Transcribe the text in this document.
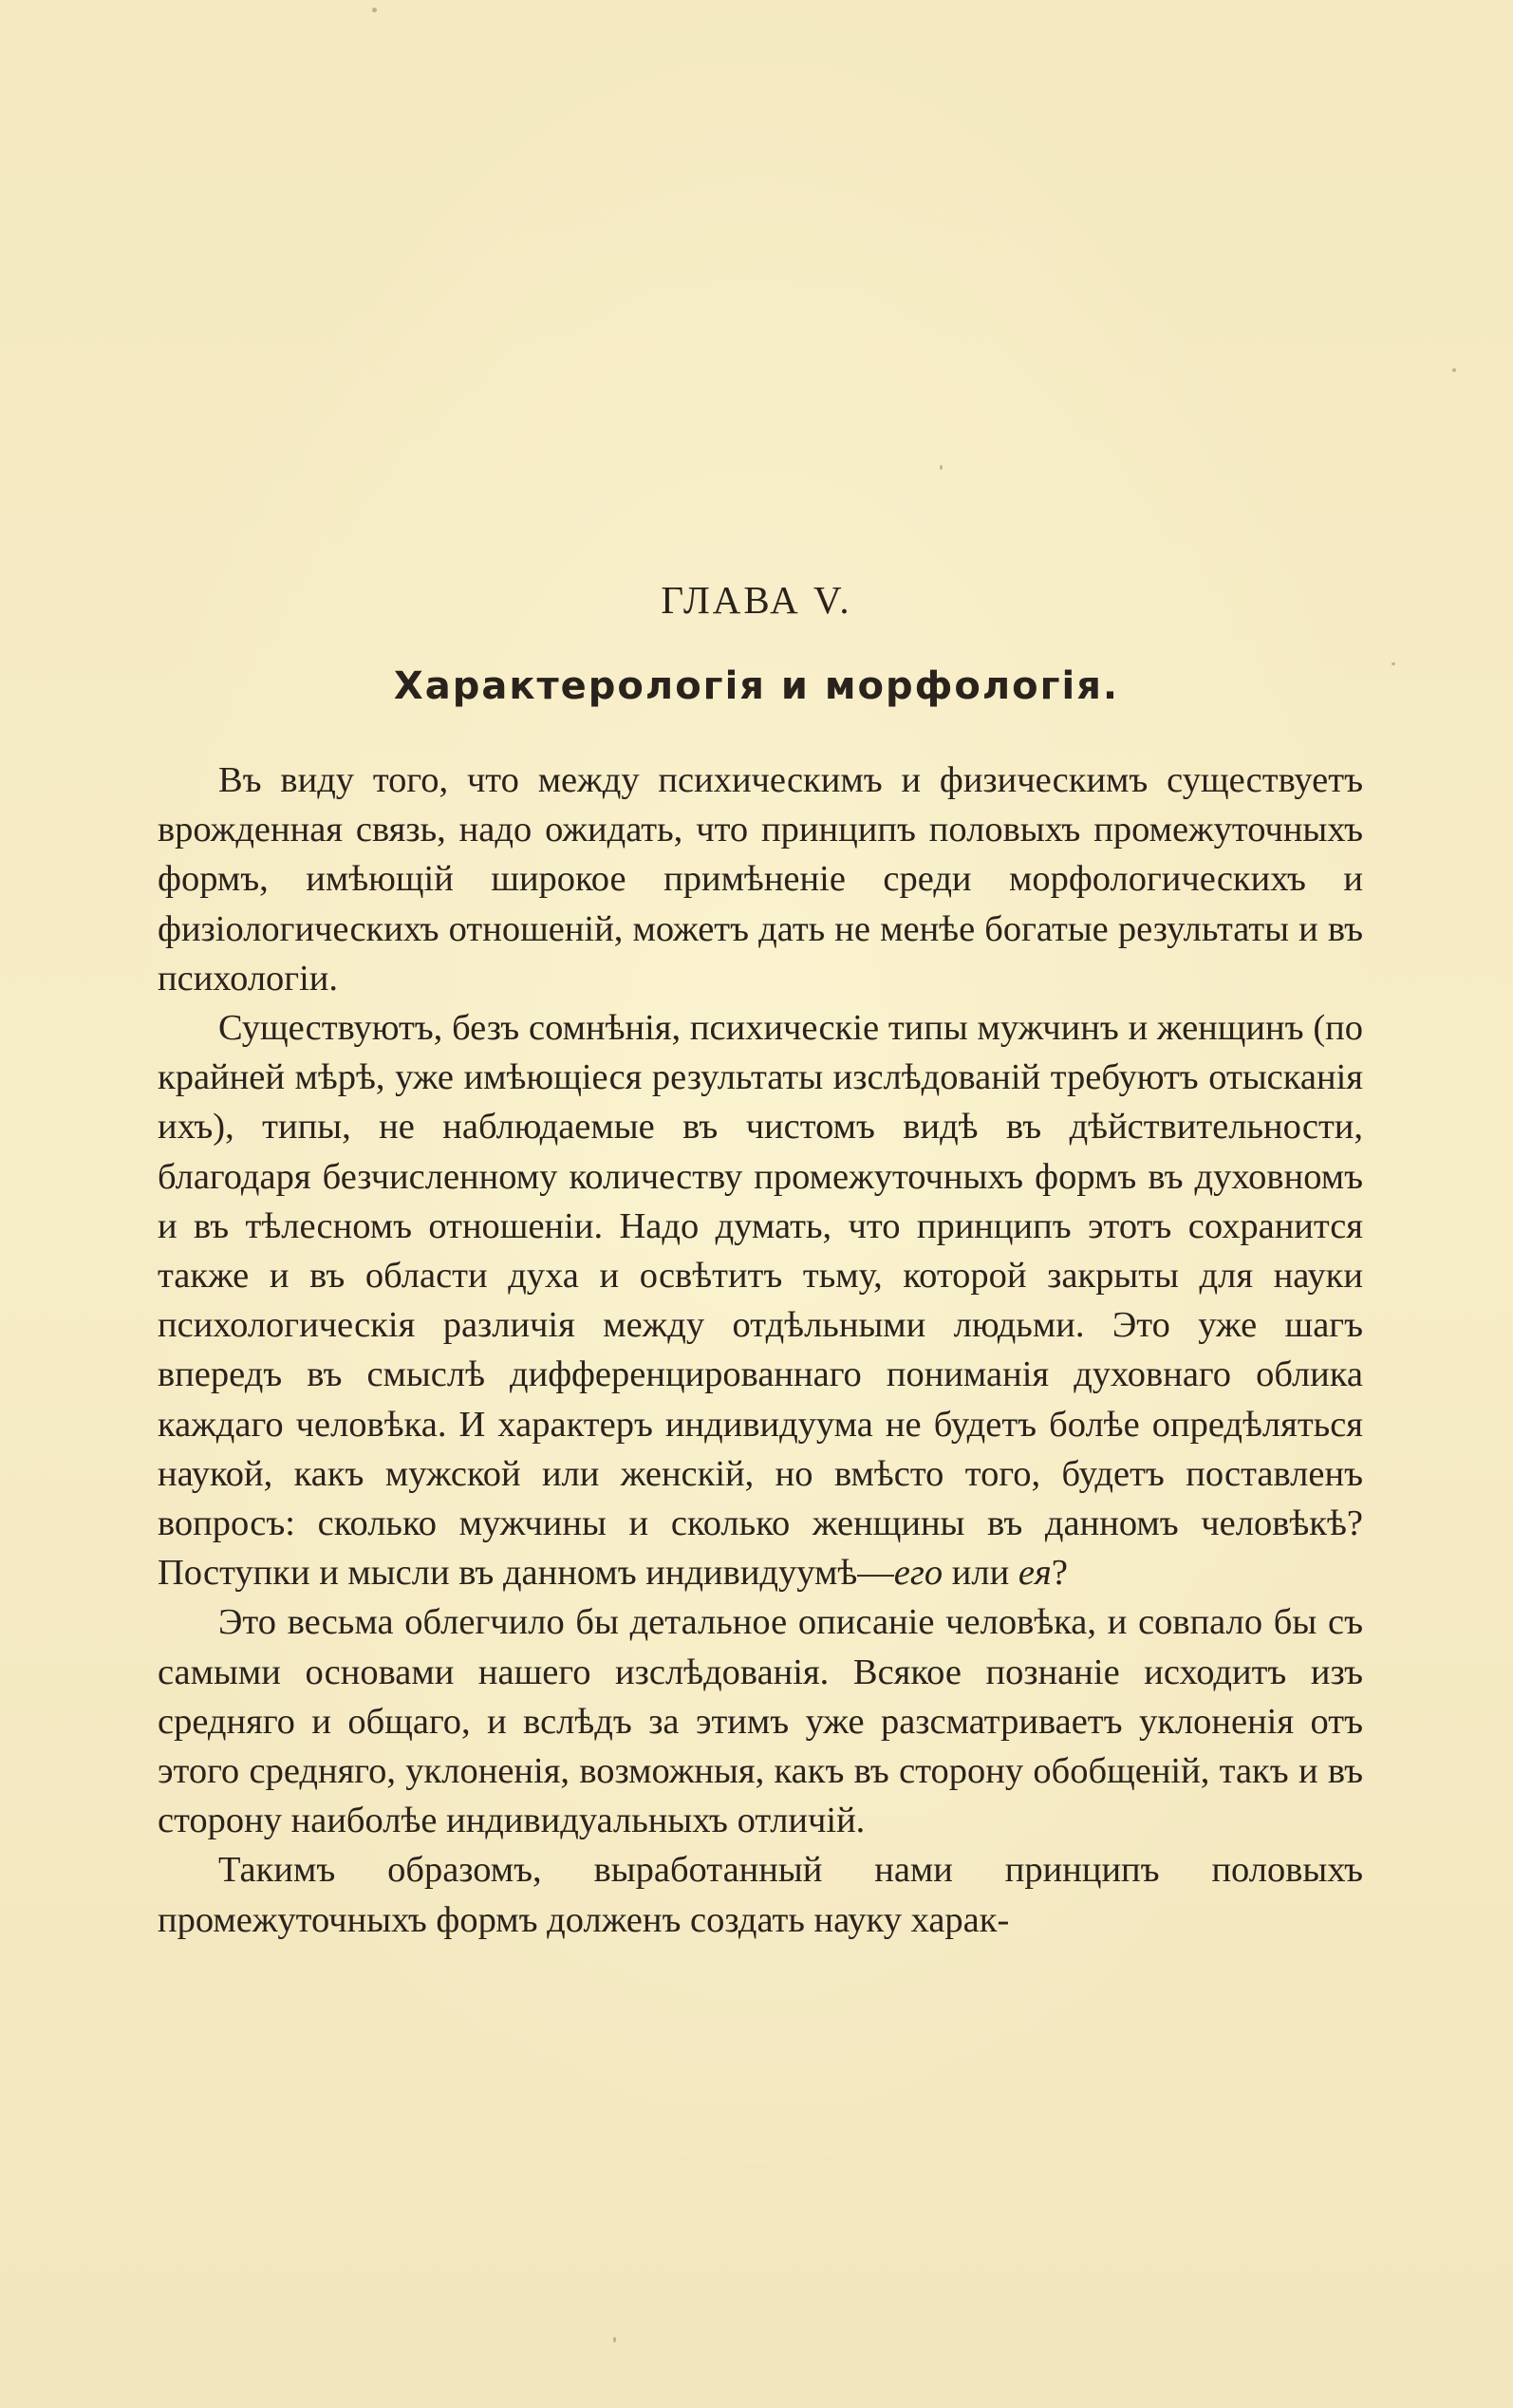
ГЛАВА V.
Характерологія и морфологія.

Въ виду того, что между психическимъ и физическимъ существуетъ врожденная связь, надо ожидать, что принципъ половыхъ промежуточныхъ формъ, имѣющій широкое примѣненіе среди морфологическихъ и физіологическихъ отношеній, можетъ дать не менѣе богатые результаты и въ психологіи.

Существуютъ, безъ сомнѣнія, психическіе типы мужчинъ и женщинъ (по крайней мѣрѣ, уже имѣющіеся результаты изслѣдованій требуютъ отысканія ихъ), типы, не наблюдаемые въ чистомъ видѣ въ дѣйствительности, благодаря безчисленному количеству промежуточныхъ формъ въ духовномъ и въ тѣлесномъ отношеніи. Надо думать, что принципъ этотъ сохранится также и въ области духа и освѣтитъ тьму, которой закрыты для науки психологическія различія между отдѣльными людьми. Это уже шагъ впередъ въ смыслѣ дифференцированнаго пониманія духовнаго облика каждаго человѣка. И характеръ индивидуума не будетъ болѣе опредѣляться наукой, какъ мужской или женскій, но вмѣсто того, будетъ поставленъ вопросъ: сколько мужчины и сколько женщины въ данномъ человѣкѣ? Поступки и мысли въ данномъ индивидуумѣ—его или ея?

Это весьма облегчило бы детальное описаніе человѣка, и совпало бы съ самыми основами нашего изслѣдованія. Всякое познаніе исходитъ изъ средняго и общаго, и вслѣдъ за этимъ уже разсматриваетъ уклоненія отъ этого средняго, уклоненія, возможныя, какъ въ сторону обобщеній, такъ и въ сторону наиболѣе индивидуальныхъ отличій.

Такимъ образомъ, выработанный нами принципъ половыхъ промежуточныхъ формъ долженъ создать науку харак-
